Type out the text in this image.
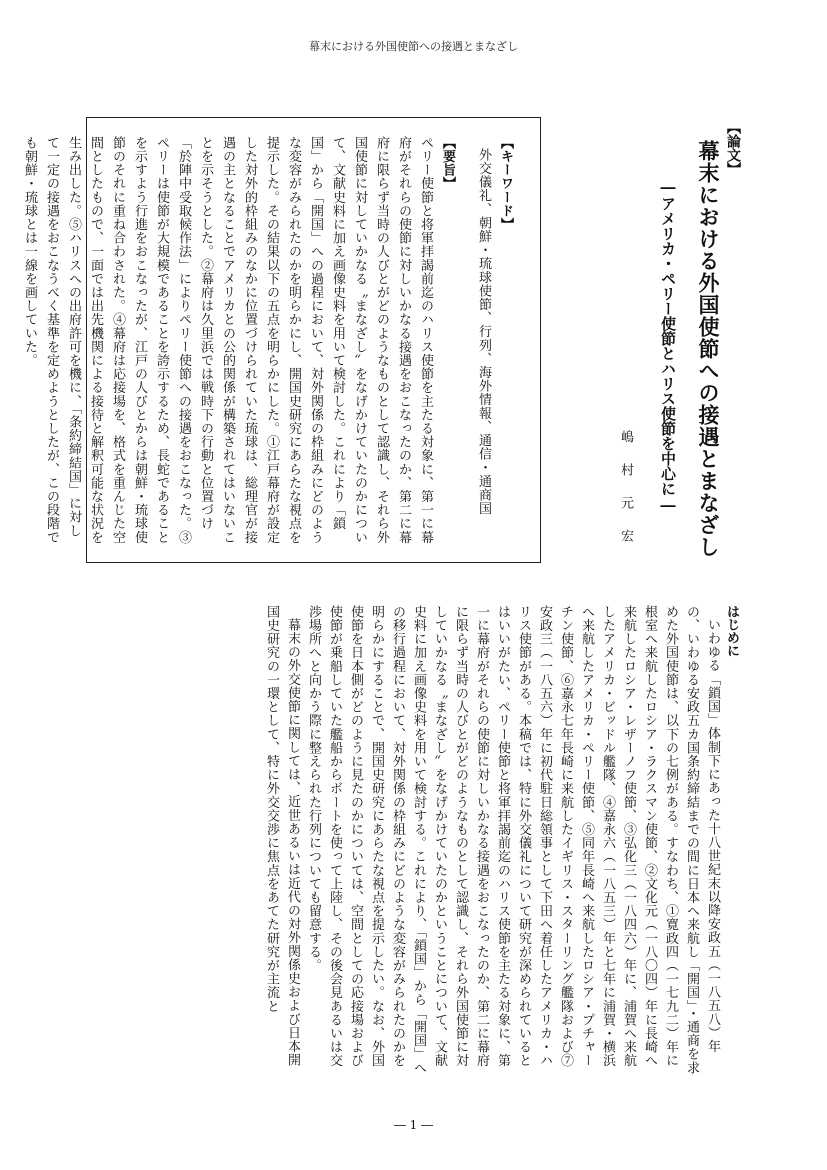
幕末における外国使節への接遇とまなざし
【論文】
幕末における外国使節への接遇とまなざし
―アメリカ・ペリー使節とハリス使節を中心に―
嶋村元宏
【キーワード】
外交儀礼、朝鮮・琉球使節、行列、海外情報、通信・通商国
【要旨】
ペリー使節と将軍拝謁前迄のハリス使節を主たる対象に、第一に幕府がそれらの使節に対しいかなる接遇をおこなったのか、第二に幕府に限らず当時の人びとがどのようなものとして認識し、それら外国使節に対していかなる〝まなざし〟をなげかけていたのかについて、文献史料に加え画像史料を用いて検討した。これにより「鎖国」から「開国」への過程において、対外関係の枠組みにどのような変容がみられたのかを明らかにし、開国史研究にあらたな視点を提示した。その結果以下の五点を明らかにした。①江戸幕府が設定した対外的枠組みのなかに位置づけられていた琉球は、総理官が接遇の主となることでアメリカとの公的関係が構築されてはいないことを示そうとした。②幕府は久里浜では戦時下の行動と位置づけ「於陣中受取候作法」によりペリー使節への接遇をおこなった。③ペリーは使節が大規模であることを誇示するため、長蛇であることを示すよう行進をおこなったが、江戸の人びとからは朝鮮・琉球使節のそれに重ね合わされた。④幕府は応接場を、格式を重んじた空間としたもので、一面では出先機関による接待と解釈可能な状況を生み出した。⑤ハリスへの出府許可を機に、「条約締結国」に対して一定の接遇をおこなうべく基準を定めようとしたが、この段階でも朝鮮・琉球とは一線を画していた。
はじめに

いわゆる「鎖国」体制下にあった十八世紀末以降安政五（一八五八）年の、いわゆる安政五カ国条約締結までの間に日本へ来航し「開国」・通商を求めた外国使節は、以下の七例がある。すなわち、①寛政四（一七九二）年に根室へ来航したロシア・ラクスマン使節、②文化元（一八〇四）年に長崎へ来航したロシア・レザーノフ使節、③弘化三（一八四六）年に、浦賀へ来航したアメリカ・ビッドル艦隊、④嘉永六（一八五三）年と七年に浦賀・横浜へ来航したアメリカ・ペリー使節、⑤同年長崎へ来航したロシア・プチャーチン使節、⑥嘉永七年長崎に来航したイギリス・スターリング艦隊および⑦安政三（一八五六）年に初代駐日総領事として下田へ着任したアメリカ・ハリス使節がある。本稿では、特に外交儀礼について研究が深められているとはいいがたい、ペリー使節と将軍拝謁前迄のハリス使節を主たる対象に、第一に幕府がそれらの使節に対しいかなる接遇をおこなったのか、第二に幕府に限らず当時の人びとがどのようなものとして認識し、それら外国使節に対していかなる〝まなざし〟をなげかけていたのかということについて、文献史料に加え画像史料を用いて検討する。これにより、「鎖国」から「開国」への移行過程において、対外関係の枠組みにどのような変容がみられたのかを明らかにすることで、開国史研究にあらたな視点を提示したい。なお、外国使節を日本側がどのように見たのかについては、空間としての応接場および使節が乗船していた艦船からボートを使って上陸し、その後会見あるいは交渉場所へと向かう際に整えられた行列についても留意する。

幕末の外交使節に関しては、近世あるいは近代の対外関係史および日本開国史研究の一環として、特に外交交渉に焦点をあてた研究が主流と

― 1 ―
